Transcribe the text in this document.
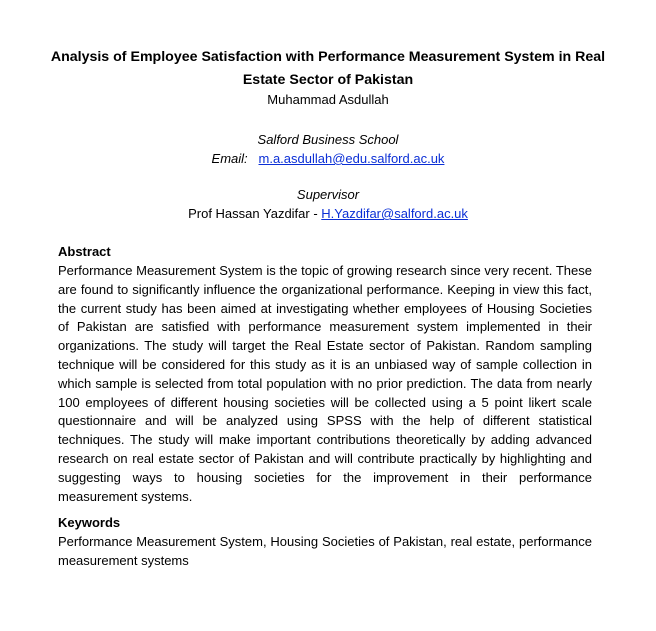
Analysis of Employee Satisfaction with Performance Measurement System in Real Estate Sector of Pakistan
Muhammad Asdullah
Salford Business School
Email: m.a.asdullah@edu.salford.ac.uk
Supervisor
Prof Hassan Yazdifar - H.Yazdifar@salford.ac.uk
Abstract

Performance Measurement System is the topic of growing research since very recent. These are found to significantly influence the organizational performance. Keeping in view this fact, the current study has been aimed at investigating whether employees of Housing Societies of Pakistan are satisfied with performance measurement system implemented in their organizations. The study will target the Real Estate sector of Pakistan. Random sampling technique will be considered for this study as it is an unbiased way of sample collection in which sample is selected from total population with no prior prediction. The data from nearly 100 employees of different housing societies will be collected using a 5 point likert scale questionnaire and will be analyzed using SPSS with the help of different statistical techniques. The study will make important contributions theoretically by adding advanced research on real estate sector of Pakistan and will contribute practically by highlighting and suggesting ways to housing societies for the improvement in their performance measurement systems.

Keywords

Performance Measurement System, Housing Societies of Pakistan, real estate, performance measurement systems
